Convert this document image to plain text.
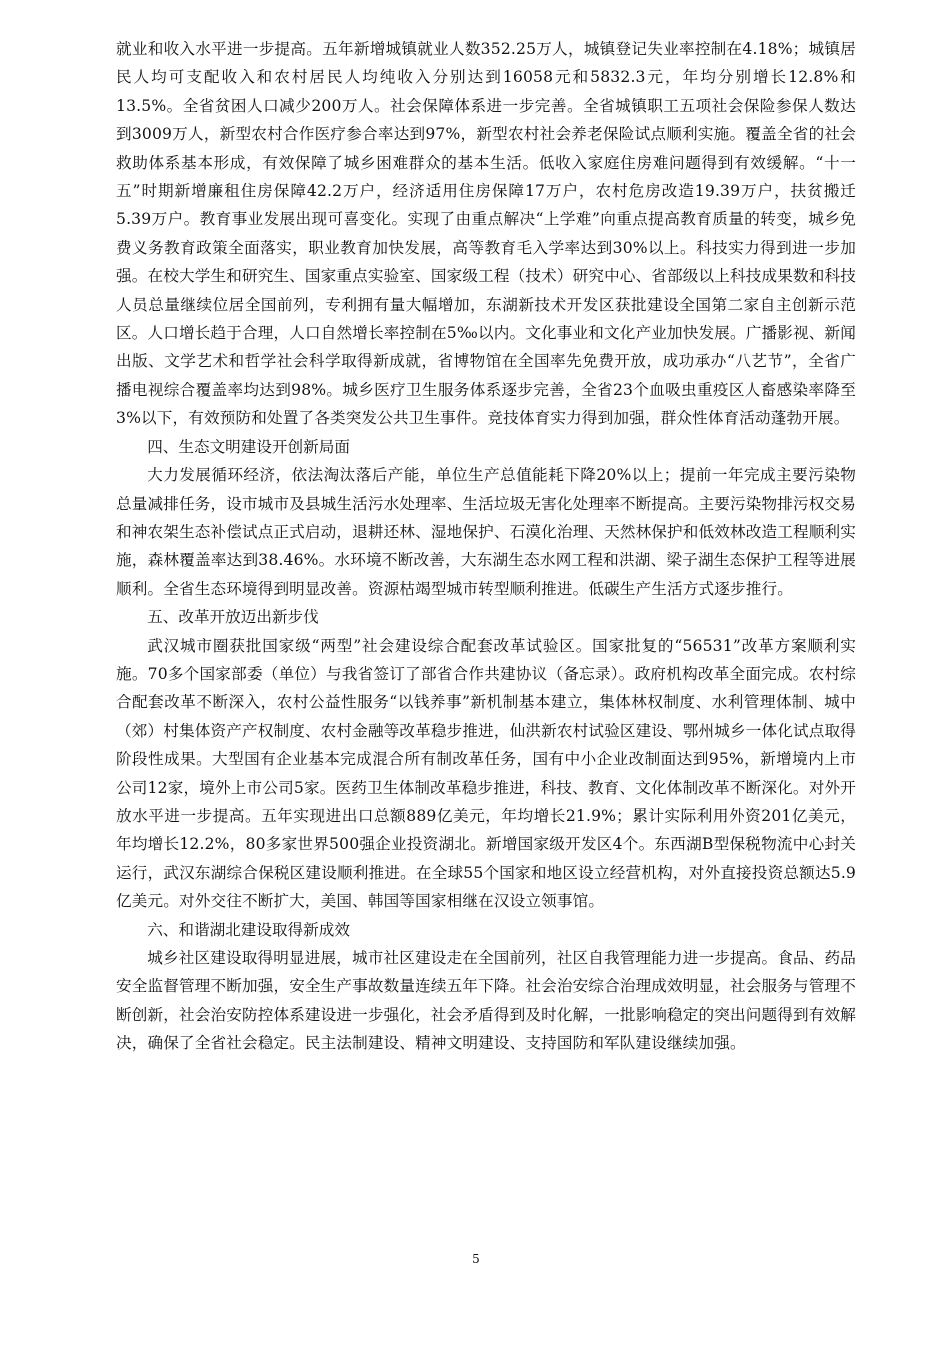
就业和收入水平进一步提高。五年新增城镇就业人数352.25万人，城镇登记失业率控制在4.18%；城镇居民人均可支配收入和农村居民人均纯收入分别达到16058元和5832.3元，年均分别增长12.8%和13.5%。全省贫困人口减少200万人。社会保障体系进一步完善。全省城镇职工五项社会保险参保人数达到3009万人，新型农村合作医疗参合率达到97%，新型农村社会养老保险试点顺利实施。覆盖全省的社会救助体系基本形成，有效保障了城乡困难群众的基本生活。低收入家庭住房难问题得到有效缓解。“十一五”时期新增廉租住房保障42.2万户，经济适用住房保障17万户，农村危房改造19.39万户，扶贫搬迁5.39万户。教育事业发展出现可喜变化。实现了由重点解决“上学难”向重点提高教育质量的转变，城乡免费义务教育政策全面落实，职业教育加快发展，高等教育毛入学率达到30%以上。科技实力得到进一步加强。在校大学生和研究生、国家重点实验室、国家级工程（技术）研究中心、省部级以上科技成果数和科技人员总量继续位居全国前列，专利拥有量大幅增加，东湖新技术开发区获批建设全国第二家自主创新示范区。人口增长趋于合理，人口自然增长率控制在5‰以内。文化事业和文化产业加快发展。广播影视、新闻出版、文学艺术和哲学社会科学取得新成就，省博物馆在全国率先免费开放，成功承办“八艺节”，全省广播电视综合覆盖率均达到98%。城乡医疗卫生服务体系逐步完善，全省23个血吸虫重疫区人畜感染率降至3%以下，有效预防和处置了各类突发公共卫生事件。竞技体育实力得到加强，群众性体育活动蓬勃开展。

四、生态文明建设开创新局面

大力发展循环经济，依法淘汰落后产能，单位生产总值能耗下降20%以上；提前一年完成主要污染物总量减排任务，设市城市及县城生活污水处理率、生活垃圾无害化处理率不断提高。主要污染物排污权交易和神农架生态补偿试点正式启动，退耕还林、湿地保护、石漠化治理、天然林保护和低效林改造工程顺利实施，森林覆盖率达到38.46%。水环境不断改善，大东湖生态水网工程和洪湖、梁子湖生态保护工程等进展顺利。全省生态环境得到明显改善。资源枯竭型城市转型顺利推进。低碳生产生活方式逐步推行。

五、改革开放迈出新步伐

武汉城市圈获批国家级“两型”社会建设综合配套改革试验区。国家批复的“56531”改革方案顺利实施。70多个国家部委（单位）与我省签订了部省合作共建协议（备忘录）。政府机构改革全面完成。农村综合配套改革不断深入，农村公益性服务“以钱养事”新机制基本建立，集体林权制度、水利管理体制、城中（郊）村集体资产产权制度、农村金融等改革稳步推进，仙洪新农村试验区建设、鄂州城乡一体化试点取得阶段性成果。大型国有企业基本完成混合所有制改革任务，国有中小企业改制面达到95%，新增境内上市公司12家，境外上市公司5家。医药卫生体制改革稳步推进，科技、教育、文化体制改革不断深化。对外开放水平进一步提高。五年实现进出口总额889亿美元，年均增长21.9%；累计实际利用外资201亿美元，年均增长12.2%，80多家世界500强企业投资湖北。新增国家级开发区4个。东西湖B型保税物流中心封关运行，武汉东湖综合保税区建设顺利推进。在全球55个国家和地区设立经营机构，对外直接投资总额达5.9亿美元。对外交往不断扩大，美国、韩国等国家相继在汉设立领事馆。

六、和谐湖北建设取得新成效

城乡社区建设取得明显进展，城市社区建设走在全国前列，社区自我管理能力进一步提高。食品、药品安全监督管理不断加强，安全生产事故数量连续五年下降。社会治安综合治理成效明显，社会服务与管理不断创新，社会治安防控体系建设进一步强化，社会矛盾得到及时化解，一批影响稳定的突出问题得到有效解决，确保了全省社会稳定。民主法制建设、精神文明建设、支持国防和军队建设继续加强。

5
